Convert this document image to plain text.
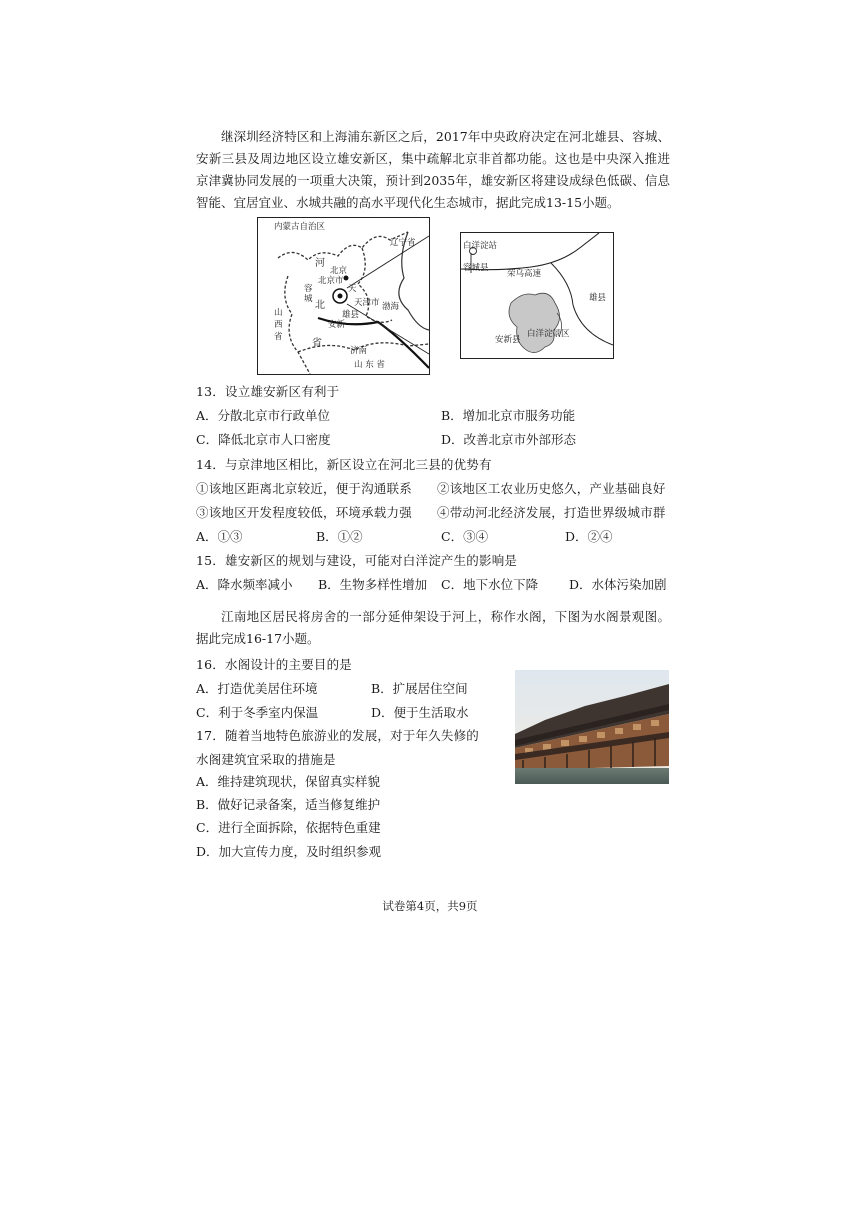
继深圳经济特区和上海浦东新区之后，2017年中央政府决定在河北雄县、容城、安新三县及周边地区设立雄安新区，集中疏解北京非首都功能。这也是中央深入推进京津冀协同发展的一项重大决策，预计到2035年，雄安新区将建设成绿色低碳、信息智能、宜居宜业、水城共融的高水平现代化生态城市，据此完成13-15小题。
内蒙古自治区
辽宁省
河
北京
北京市
容
城
天
北	天津市 渤海
雄县
安新
山
西
省
省
济南
山 东 省
白洋淀站
容城县
荣乌高速
雄县
白洋淀景区
安新县
13．设立雄安新区有利于
A．分散北京市行政单位	B．增加北京市服务功能
C．降低北京市人口密度	D．改善北京市外部形态
14．与京津地区相比，新区设立在河北三县的优势有
①该地区距离北京较近，便于沟通联系 ②该地区工农业历史悠久，产业基础良好
③该地区开发程度较低，环境承载力强 ④带动河北经济发展，打造世界级城市群
A．①③	B．①②	C．③④	D．②④
15．雄安新区的规划与建设，可能对白洋淀产生的影响是
A．降水频率减小 B．生物多样性增加 C．地下水位下降 D．水体污染加剧
江南地区居民将房舍的一部分延伸架设于河上，称作水阁，下图为水阁景观图。据此完成16-17小题。
16．水阁设计的主要目的是
A．打造优美居住环境	B．扩展居住空间
C．利于冬季室内保温	D．便于生活取水
17．随着当地特色旅游业的发展，对于年久失修的
水阁建筑宜采取的措施是
A．维持建筑现状，保留真实样貌
B．做好记录备案，适当修复维护
C．进行全面拆除，依据特色重建
D．加大宣传力度，及时组织参观
试卷第4页，共9页
